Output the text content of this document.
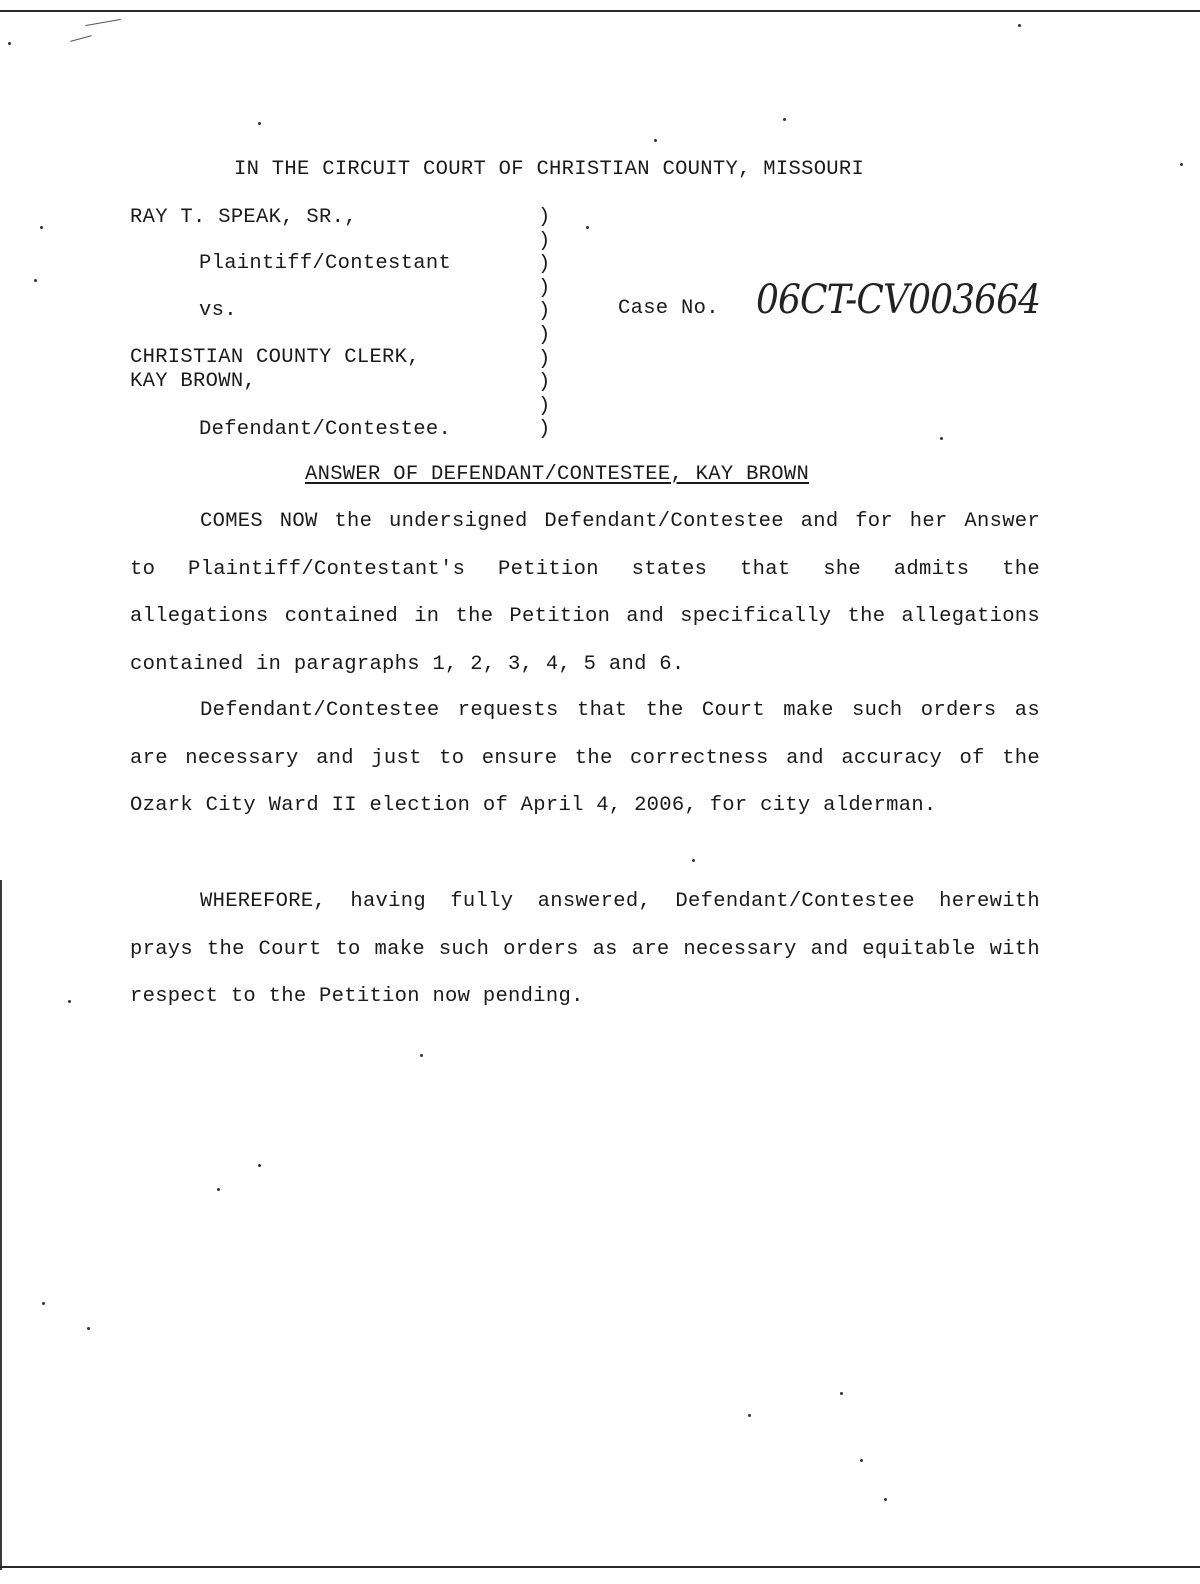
IN THE CIRCUIT COURT OF CHRISTIAN COUNTY, MISSOURI
RAY T. SPEAK, SR.,
Plaintiff/Contestant
vs.
CHRISTIAN COUNTY CLERK,
KAY BROWN,
Defendant/Contestee.
)
)
)
)
)
)
)
)
)
)
Case No. 06CT-CV003664
ANSWER OF DEFENDANT/CONTESTEE, KAY BROWN
COMES NOW the undersigned Defendant/Contestee and for her Answer to Plaintiff/Contestant's Petition states that she admits the allegations contained in the Petition and specifically the allegations contained in paragraphs 1, 2, 3, 4, 5 and 6.
Defendant/Contestee requests that the Court make such orders as are necessary and just to ensure the correctness and accuracy of the Ozark City Ward II election of April 4, 2006, for city alderman.
WHEREFORE, having fully answered, Defendant/Contestee herewith prays the Court to make such orders as are necessary and equitable with respect to the Petition now pending.
